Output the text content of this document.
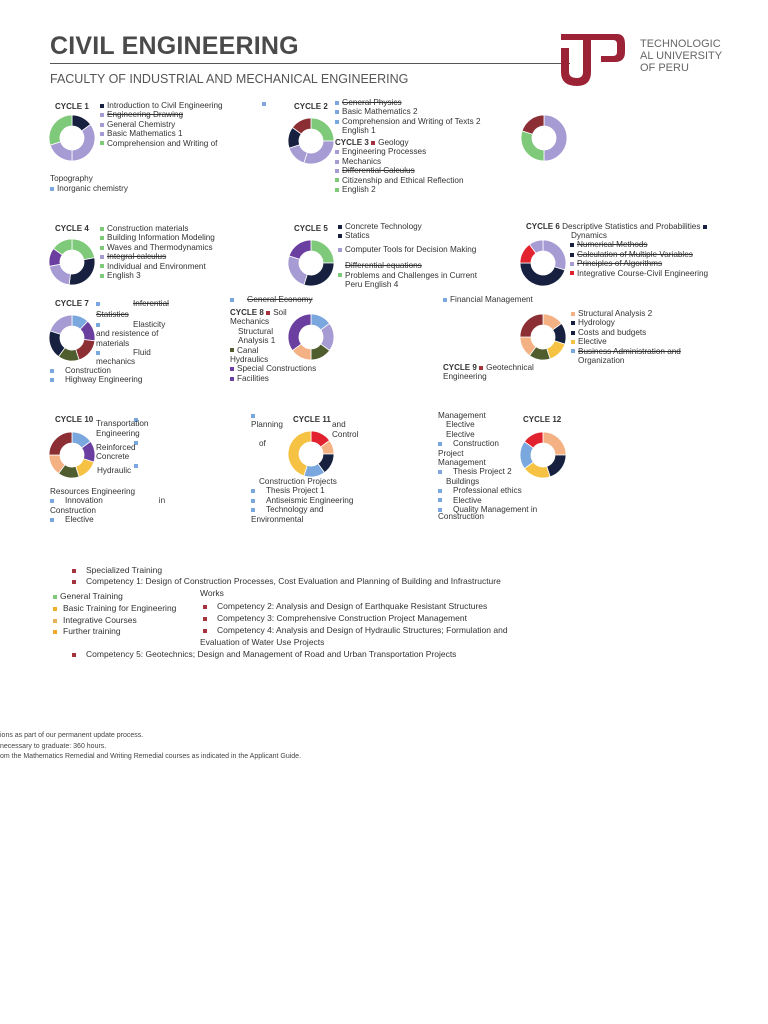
CIVIL ENGINEERING
FACULTY OF INDUSTRIAL AND MECHANICAL ENGINEERING
TECHNOLOGIC
AL UNIVERSITY
OF PERU
CYCLE 1	Introduction to Civil Engineering
Engineering Drawing
General Chemistry
Basic Mathematics 1
Comprehension and Writing of
Topography
Inorganic chemistry
CYCLE 2	General Physics
Basic Mathematics 2
Comprehension and Writing of Texts 2
English 1
CYCLE 3 Geology
Engineering Processes
Mechanics
Differential Calculus
Citizenship and Ethical Reflection
English 2
CYCLE 4	Construction materials
Building Information Modeling
Waves and Thermodynamics
Integral calculus
Individual and Environment
English 3
CYCLE 5	Concrete Technology
Statics
Computer Tools for Decision Making
Differential equations
Problems and Challenges in Current
Peru English 4
CYCLE 6 Descriptive Statistics and Probabilities
Dynamics
Numerical Methods
Calculation of Multiple Variables
Principles of Algorithms
Integrative Course-Civil Engineering
CYCLE 7	Inferential
Statistics
Elasticity
and resistence of
materials
Fluid
mechanics
Construction
Highway Engineering
General Economy
CYCLE 8 Soil
Mechanics
Structural
Analysis 1
Canal
Hydraulics
Special Constructions
Facilities
Financial Management
Structural Analysis 2
Hydrology
Costs and budgets
Elective
Business Administration and
Organization
CYCLE 9 Geotechnical
Engineering
CYCLE 10 Transportation
Engineering
Reinforced
Concrete
Hydraulic
Resources Engineering
Innovation	in
Construction
Elective
Planning
CYCLE 11
and
Control
of
Construction Projects
Thesis Project 1
Antiseismic Engineering
Technology and
Environmental
Management
Elective
Elective
Construction
Project
Management
Thesis Project 2
Buildings
Professional ethics
Elective
Quality Management in
Construction
CYCLE 12
Specialized Training
Competency 1: Design of Construction Processes, Cost Evaluation and Planning of Building and Infrastructure
Works
General Training
Basic Training for Engineering
Integrative Courses
Further training
Competency 2: Analysis and Design of Earthquake Resistant Structures
Competency 3: Comprehensive Construction Project Management
Competency 4: Analysis and Design of Hydraulic Structures; Formulation and
Evaluation of Water Use Projects
Competency 5: Geotechnics; Design and Management of Road and Urban Transportation Projects
ions as part of our permanent update process.
necessary to graduate: 360 hours.
om the Mathematics Remedial and Writing Remedial courses as indicated in the Applicant Guide.
